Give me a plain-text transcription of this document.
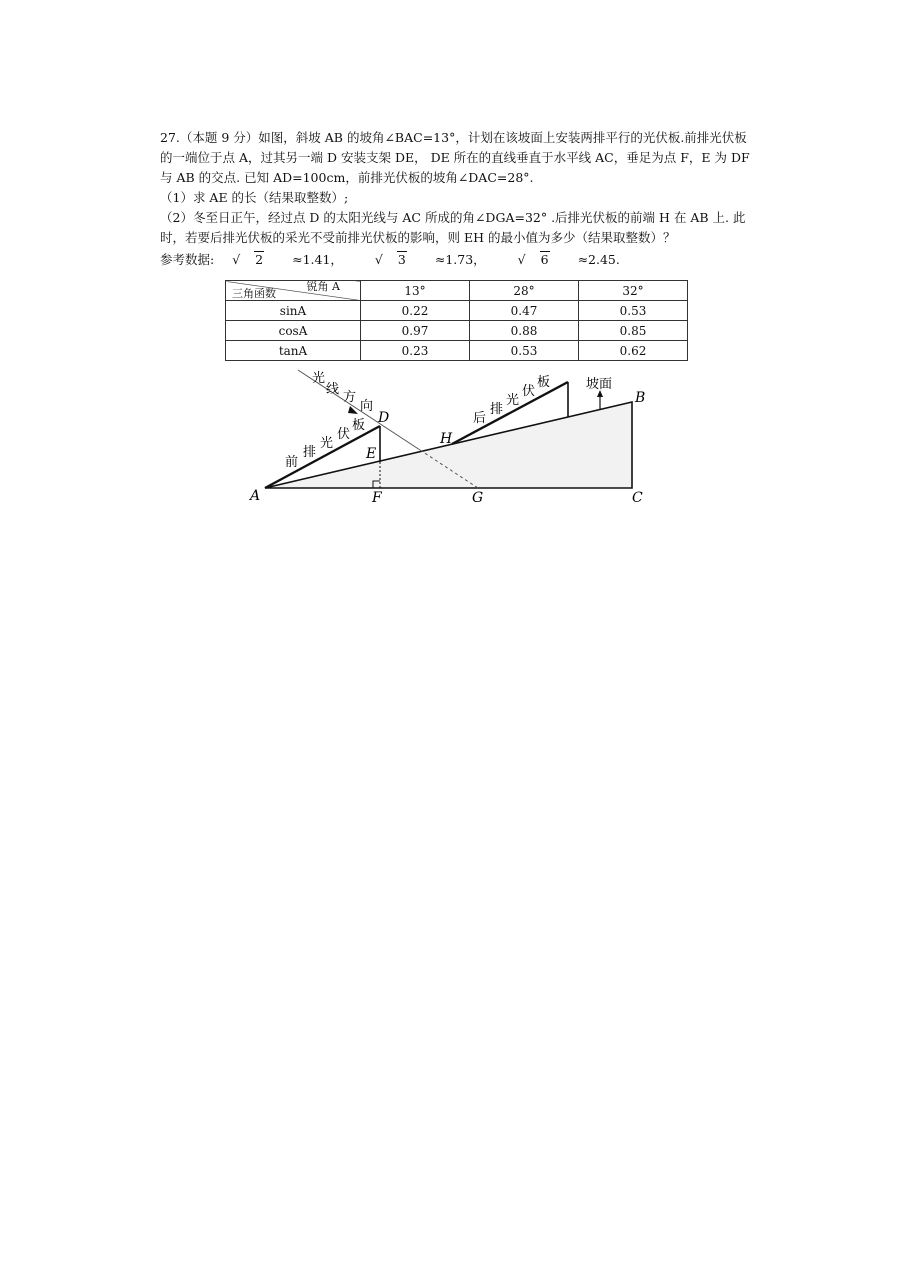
27.（本题 9 分）如图，斜坡 AB 的坡角∠BAC=13°，计划在该坡面上安装两排平行的光伏板.前排光伏板

的一端位于点 A，过其另一端 D 安装支架 DE， DE 所在的直线垂直于水平线 AC，垂足为点 F，E 为 DF

与 AB 的交点. 已知 AD=100cm，前排光伏板的坡角∠DAC=28°.

（1）求 AE 的长（结果取整数）;

（2）冬至日正午，经过点 D 的太阳光线与 AC 所成的角∠DGA=32° .后排光伏板的前端 H 在 AB 上. 此

时，若要后排光伏板的采光不受前排光伏板的影响，则 EH 的最小值为多少（结果取整数）？

参考数据: √ 2 ≈1.41，	√ 3 ≈1.73，	√ 6 ≈2.45.
锐角 A
三角函数	13°	28°	32°
sinA	0.22	0.47	0.53
cosA	0.97	0.88	0.85
tanA	0.23	0.53	0.62
A
B
C
D
E
F	G
H
光
线
方
向
前
排
光
伏
板	后
排
光
伏
板	坡面
